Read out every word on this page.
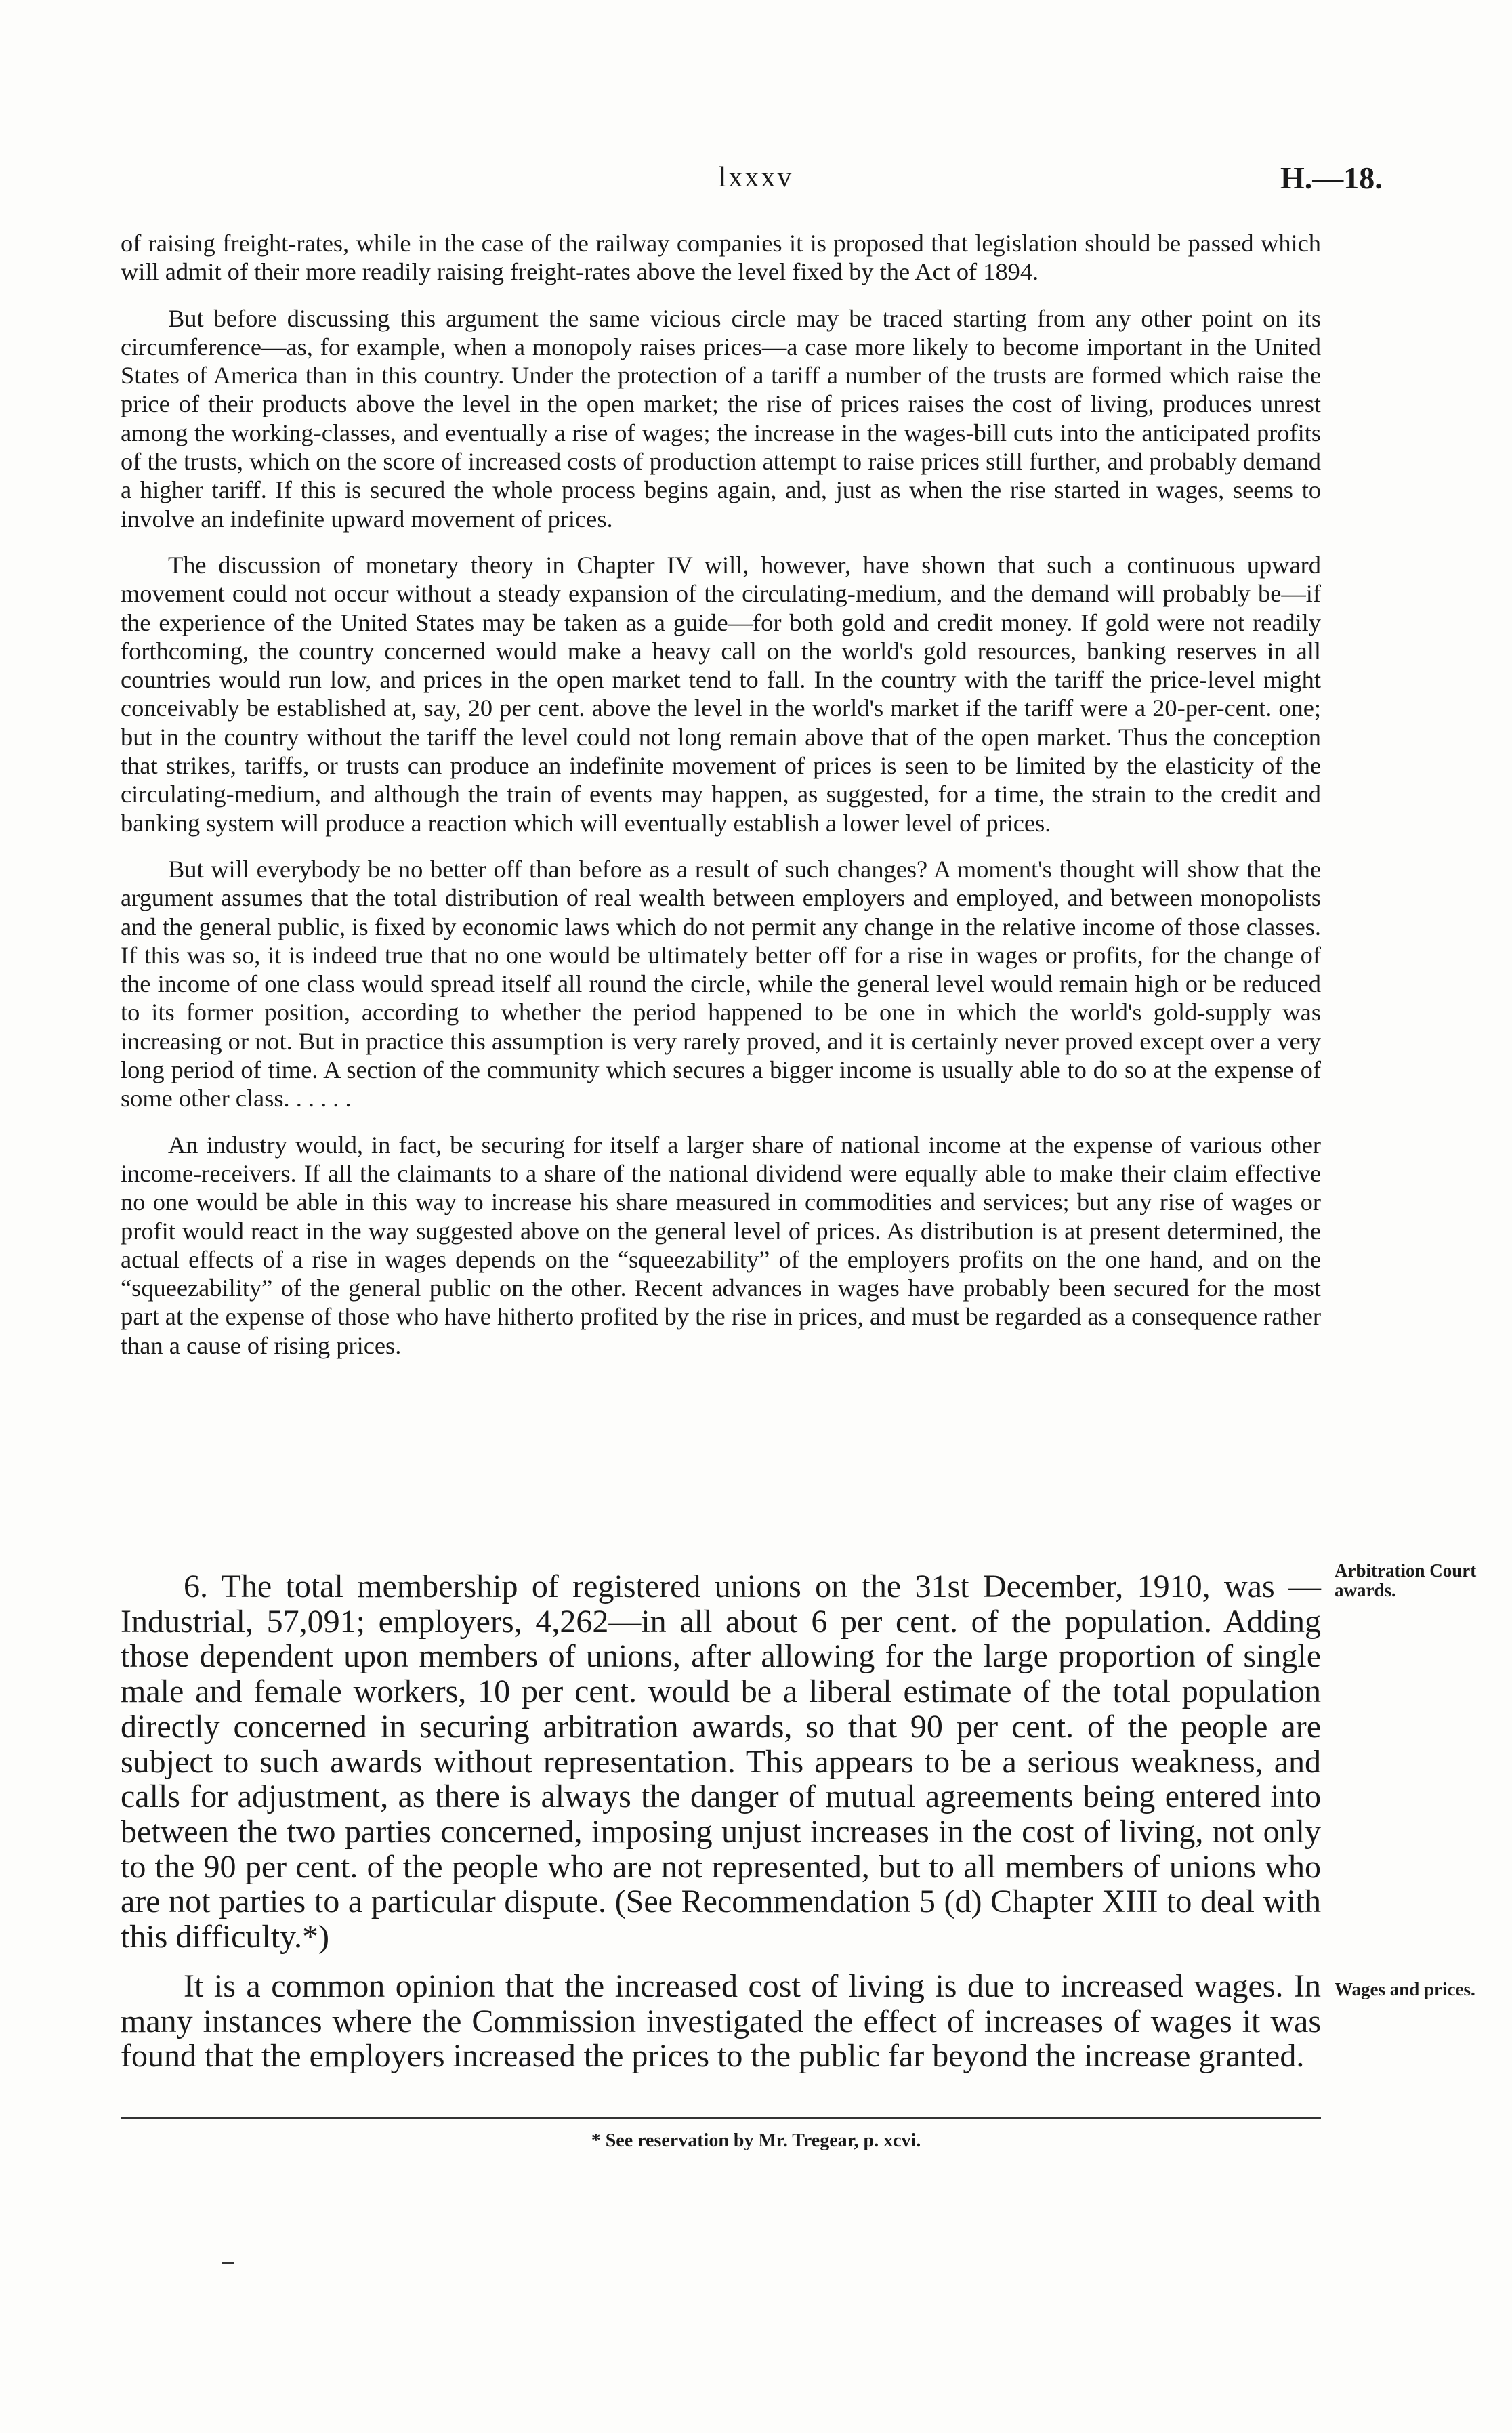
lxxxv	H.—18.

of raising freight-rates, while in the case of the railway companies it is proposed that legislation should be passed which will admit of their more readily raising freight-rates above the level fixed by the Act of 1894.

But before discussing this argument the same vicious circle may be traced starting from any other point on its circumference—as, for example, when a monopoly raises prices—a case more likely to become important in the United States of America than in this country. Under the protection of a tariff a number of the trusts are formed which raise the price of their products above the level in the open market; the rise of prices raises the cost of living, produces unrest among the working-classes, and eventually a rise of wages; the increase in the wages-bill cuts into the anticipated profits of the trusts, which on the score of increased costs of production attempt to raise prices still further, and probably demand a higher tariff. If this is secured the whole process begins again, and, just as when the rise started in wages, seems to involve an indefinite upward movement of prices.

The discussion of monetary theory in Chapter IV will, however, have shown that such a continuous upward movement could not occur without a steady expansion of the circulating-medium, and the demand will probably be—if the experience of the United States may be taken as a guide—for both gold and credit money. If gold were not readily forthcoming, the country concerned would make a heavy call on the world's gold resources, banking reserves in all countries would run low, and prices in the open market tend to fall. In the country with the tariff the price-level might conceivably be established at, say, 20 per cent. above the level in the world's market if the tariff were a 20-per-cent. one; but in the country without the tariff the level could not long remain above that of the open market. Thus the conception that strikes, tariffs, or trusts can produce an indefinite movement of prices is seen to be limited by the elasticity of the circulating-medium, and although the train of events may happen, as suggested, for a time, the strain to the credit and banking system will produce a reaction which will eventually establish a lower level of prices.

But will everybody be no better off than before as a result of such changes? A moment's thought will show that the argument assumes that the total distribution of real wealth between employers and employed, and between monopolists and the general public, is fixed by economic laws which do not permit any change in the relative income of those classes. If this was so, it is indeed true that no one would be ultimately better off for a rise in wages or profits, for the change of the income of one class would spread itself all round the circle, while the general level would remain high or be reduced to its former position, according to whether the period happened to be one in which the world's gold-supply was increasing or not. But in practice this assumption is very rarely proved, and it is certainly never proved except over a very long period of time. A section of the community which secures a bigger income is usually able to do so at the expense of some other class. . . . . .

An industry would, in fact, be securing for itself a larger share of national income at the expense of various other income-receivers. If all the claimants to a share of the national dividend were equally able to make their claim effective no one would be able in this way to increase his share measured in commodities and services; but any rise of wages or profit would react in the way suggested above on the general level of prices. As distribution is at present determined, the actual effects of a rise in wages depends on the “squeezability” of the employers profits on the one hand, and on the “squeezability” of the general public on the other. Recent advances in wages have probably been secured for the most part at the expense of those who have hitherto profited by the rise in prices, and must be regarded as a consequence rather than a cause of rising prices.

6. The total membership of registered unions on the 31st December, 1910, was —Industrial, 57,091; employers, 4,262—in all about 6 per cent. of the population. Adding those dependent upon members of unions, after allowing for the large proportion of single male and female workers, 10 per cent. would be a liberal estimate of the total population directly concerned in securing arbitration awards, so that 90 per cent. of the people are subject to such awards without representation. This appears to be a serious weakness, and calls for adjustment, as there is always the danger of mutual agreements being entered into between the two parties concerned, imposing unjust increases in the cost of living, not only to the 90 per cent. of the people who are not represented, but to all members of unions who are not parties to a particular dispute. (See Recommendation 5 (d) Chapter XIII to deal with this difficulty.*)

Arbitration Court awards.

It is a common opinion that the increased cost of living is due to increased wages. In many instances where the Commission investigated the effect of increases of wages it was found that the employers increased the prices to the public far beyond the increase granted.

Wages and prices.
* See reservation by Mr. Tregear, p. xcvi.
